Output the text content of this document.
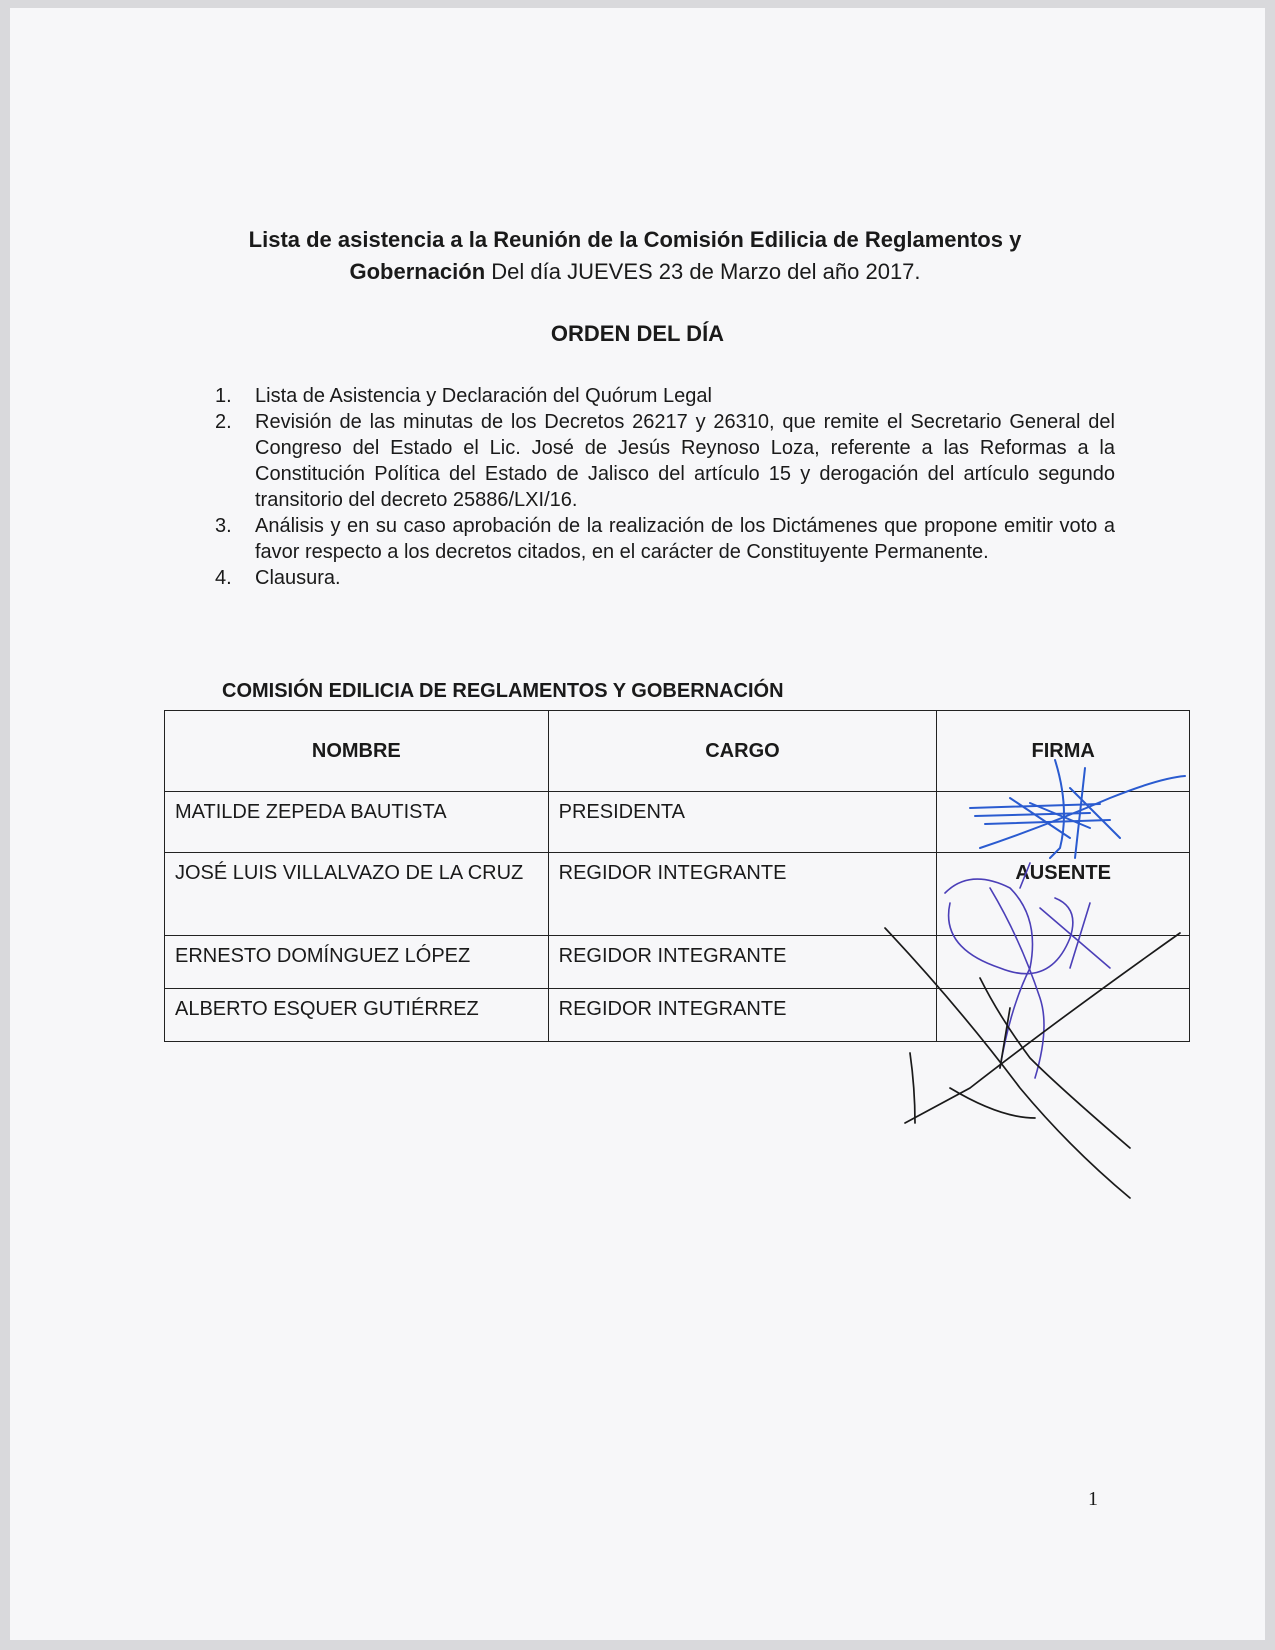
Lista de asistencia a la Reunión de la Comisión Edilicia de Reglamentos y
Gobernación Del día JUEVES 23 de Marzo del año 2017.
ORDEN DEL DÍA
1. Lista de Asistencia y Declaración del Quórum Legal
2. Revisión de las minutas de los Decretos 26217 y 26310, que remite el Secretario General del Congreso del Estado el Lic. José de Jesús Reynoso Loza, referente a las Reformas a la Constitución Política del Estado de Jalisco del artículo 15 y derogación del artículo segundo transitorio del decreto 25886/LXI/16.
3. Análisis y en su caso aprobación de la realización de los Dictámenes que propone emitir voto a favor respecto a los decretos citados, en el carácter de Constituyente Permanente.
4. Clausura.
COMISIÓN EDILICIA DE REGLAMENTOS Y GOBERNACIÓN
NOMBRE	CARGO	FIRMA
MATILDE ZEPEDA BAUTISTA	PRESIDENTA	
JOSÉ LUIS VILLALVAZO DE LA CRUZ	REGIDOR INTEGRANTE	AUSENTE
ERNESTO DOMÍNGUEZ LÓPEZ	REGIDOR INTEGRANTE	
ALBERTO ESQUER GUTIÉRREZ	REGIDOR INTEGRANTE	
1
